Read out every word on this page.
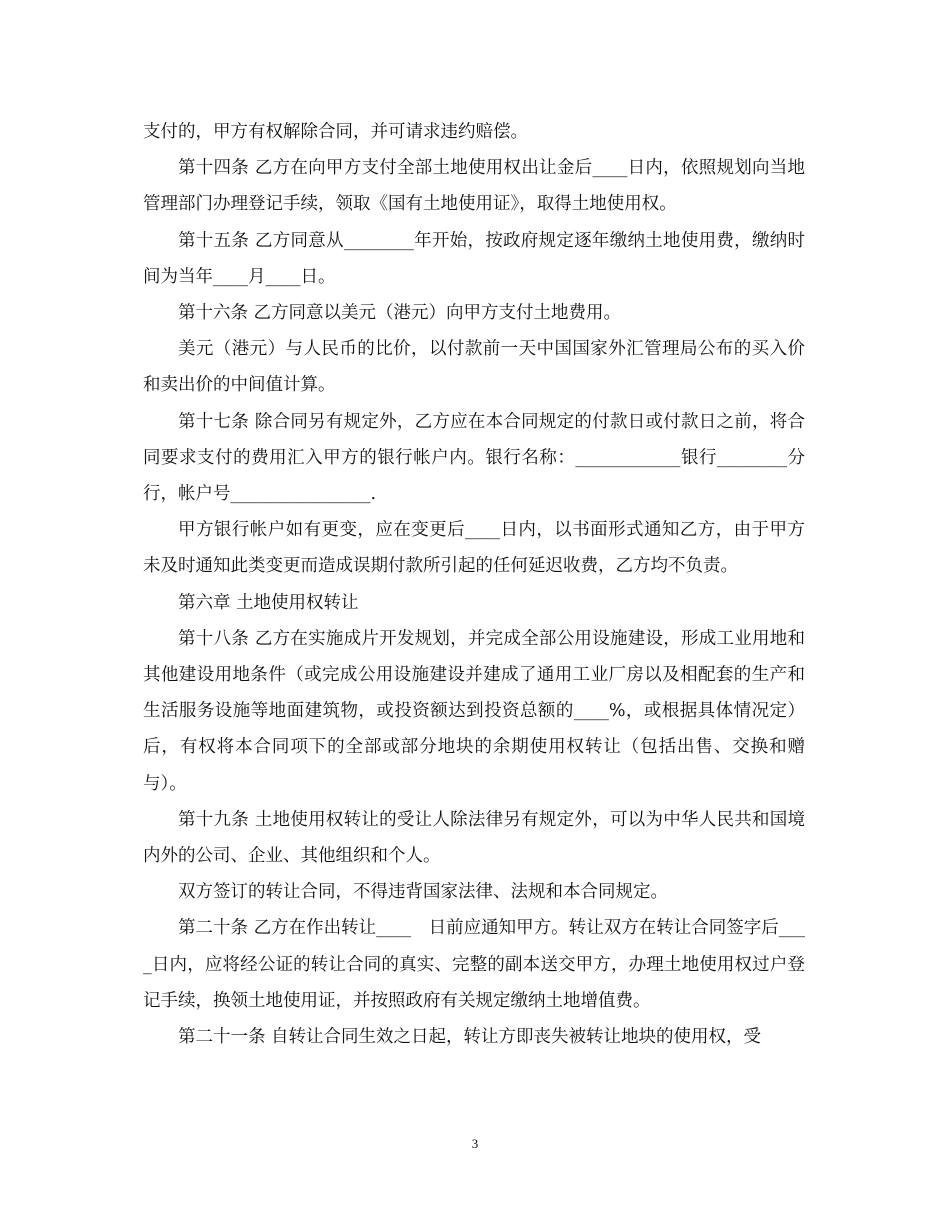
支付的，甲方有权解除合同，并可请求违约赔偿。

第十四条 乙方在向甲方支付全部土地使用权出让金后____日内，依照规划向当地管理部门办理登记手续，领取《国有土地使用证》，取得土地使用权。

第十五条 乙方同意从________年开始，按政府规定逐年缴纳土地使用费，缴纳时间为当年____月____日。

第十六条 乙方同意以美元（港元）向甲方支付土地费用。

美元（港元）与人民币的比价，以付款前一天中国国家外汇管理局公布的买入价和卖出价的中间值计算。

第十七条 除合同另有规定外，乙方应在本合同规定的付款日或付款日之前，将合同要求支付的费用汇入甲方的银行帐户内。银行名称：____________银行________分行，帐户号________________.

甲方银行帐户如有更变，应在变更后____日内，以书面形式通知乙方，由于甲方未及时通知此类变更而造成误期付款所引起的任何延迟收费，乙方均不负责。

第六章 土地使用权转让

第十八条 乙方在实施成片开发规划，并完成全部公用设施建设，形成工业用地和其他建设用地条件（或完成公用设施建设并建成了通用工业厂房以及相配套的生产和生活服务设施等地面建筑物，或投资额达到投资总额的____%，或根据具体情况定）后，有权将本合同项下的全部或部分地块的余期使用权转让（包括出售、交换和赠与）。

第十九条 土地使用权转让的受让人除法律另有规定外，可以为中华人民共和国境内外的公司、企业、其他组织和个人。

双方签订的转让合同，不得违背国家法律、法规和本合同规定。

第二十条 乙方在作出转让____　日前应通知甲方。转让双方在转让合同签字后____日内，应将经公证的转让合同的真实、完整的副本送交甲方，办理土地使用权过户登记手续，换领土地使用证，并按照政府有关规定缴纳土地增值费。

第二十一条 自转让合同生效之日起，转让方即丧失被转让地块的使用权，受

3
